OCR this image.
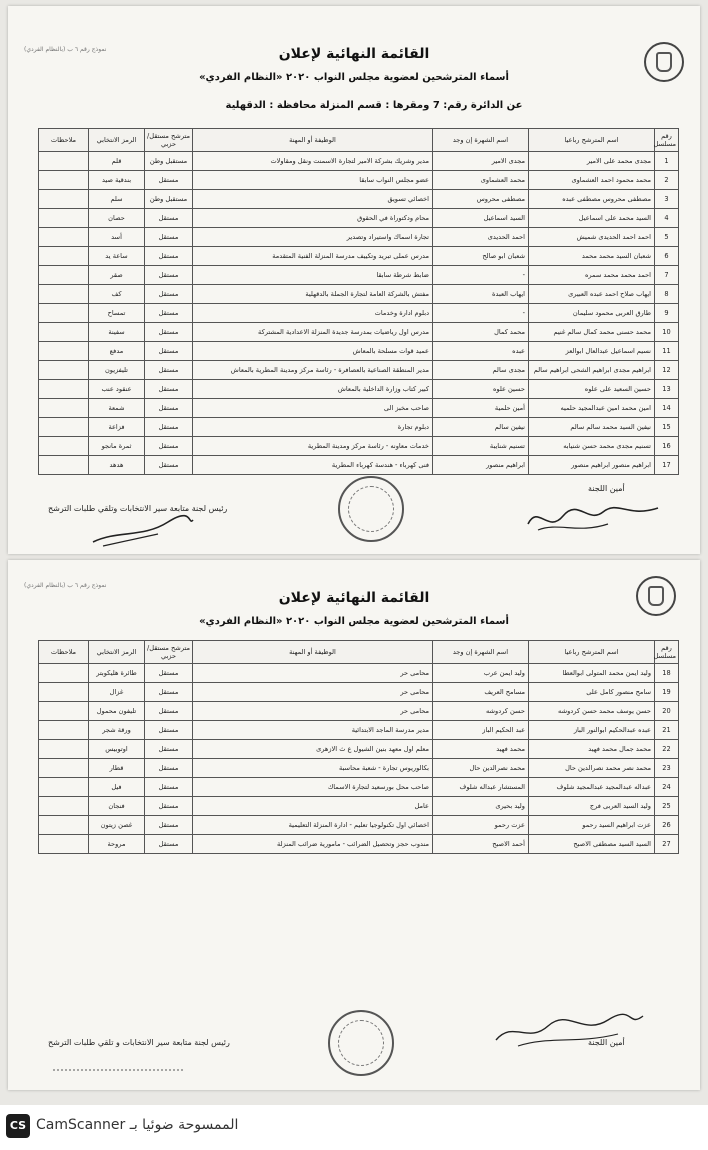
(نموذج رقم ٦ ب (بالنظام الفردي	القائمة النهائية لإعلان
أسماء المترشحين لعضوية مجلس النواب ٢٠٢٠ «النظام الفردي»
عن الدائرة رقم: 7 ومقرها : قسم المنزلة محافظة : الدقهلية
رقم مسلسل	اسم المترشح رباعيا	اسم الشهرة إن وجد	الوظيفة أو المهنة	مترشح مستقل/حزبي	الرمز الانتخابي	ملاحظات
1	مجدى محمد على الامير	مجدى الامير	مدير وشريك بشركة الامير لتجارة الاسمنت ونقل ومقاولات	مستقبل وطن	قلم	
2	محمد محمود احمد العشماوى	محمد العشماوى	عضو مجلس النواب سابقا	مستقل	بندقية صيد	
3	مصطفى محروس مصطفى عبده	مصطفى محروس	اخصائي تسويق	مستقبل وطن	سلم	
4	السيد محمد على اسماعيل	السيد اسماعيل	محام ودكتوراة في الحقوق	مستقل	حصان	
5	احمد احمد الحديدى شميش	احمد الحديدى	تجارة اسماك واستيراد وتصدير	مستقل	أسد	
6	شعبان السيد محمد محمد	شعبان ابو صالح	مدرس عملى تبريد وتكييف مدرسة المنزلة الفنية المتقدمة	مستقل	ساعة يد	
7	احمد محمد محمد سمره	-	ضابط شرطة سابقا	مستقل	صقر	
8	ايهاب صلاح احمد عبده العبيرى	ايهاب العبدة	مفتش بالشركة العامة لتجارة الجملة بالدقهلية	مستقل	كف	
9	طارق العربى محمود سليمان	-	دبلوم ادارة وخدمات	مستقل	تمساح	
10	محمد حسنى محمد كمال سالم غنيم	محمد كمال	مدرس اول رياضيات بمدرسة جديدة المنزلة الاعدادية المشتركة	مستقل	سفينة	
11	نسيم اسماعيل عبدالعال ابوالعز	عبده	عميد قوات مسلحة بالمعاش	مستقل	مدفع	
12	ابراهيم مجدى ابراهيم الشحى ابراهيم سالم	مجدى سالم	مدير المنطقة الصناعية بالعصافرة - رئاسة مركز ومدينة المطرية بالمعاش	مستقل	تليفزيون	
13	حسين السعيد على علوه	حسين علوه	كبير كتاب وزارة الداخلية بالمعاش	مستقل	عنقود عنب	
14	امين محمد امين عبدالمجيد حلميه	أمين حلمية	صاحب مخبز الى	مستقل	شمعة	
15	نيفين السيد محمد سالم سالم	نيفين سالم	دبلوم تجارة	مستقل	فزاعة	
16	تسنيم مجدى محمد حسن شنيابه	تسنيم شنايبة	خدمات معاونه - رئاسة مركز ومدينة المطرية	مستقل	ثمرة مانجو	
17	ابراهيم منصور ابراهيم منصور	ابراهيم منصور	فنى كهرباء - هندسة كهرباء المطرية	مستقل	هدهد	
أمين اللجنة
رئيس لجنة متابعة سير الانتخابات وتلقي طلبات الترشح
(نموذج رقم ٦ ب (بالنظام الفردي
القائمة النهائية لإعلان
أسماء المترشحين لعضوية مجلس النواب ٢٠٢٠ «النظام الفردي»
رقم مسلسل	اسم المترشح رباعيا	اسم الشهرة إن وجد	الوظيفة أو المهنة	مترشح مستقل/حزبي	الرمز الانتخابي	ملاحظات
18	وليد ايمن محمد المتولى ابوالعطا	وليد ايمن عرب	محامى حر	مستقل	طائرة هليكوبتر	
19	سامح منصور كامل على	مسامح العريف	محامى حر	مستقل	غزال	
20	حسن يوسف محمد حسن كردوشه	حسن كردوشه	محامى حر	مستقل	تليفون محمول	
21	عبده عبدالحكيم ابوالنور الباز	عبد الحكيم الباز	مدير مدرسة الماجد الابتدائية	مستقل	ورقة شجر	
22	محمد جمال محمد فهيد	محمد فهيد	معلم اول معهد بنين الشيول ع ث الازهرى	مستقل	اوتوبيس	
23	محمد نصر محمد نصرالدين حال	محمد نصرالدين حال	بكالوريوس تجارة - شعبة محاسبة	مستقل	قطار	
24	عبداله عبدالمجيد عبدالمجيد شلوف	المستشار عبداله شلوف	صاحب محل بورسعيد لتجارة الاسماك	مستقل	فيل	
25	وليد السيد العربى فرج	وليد بحيرى	عامل	مستقل	فنجان	
26	عزت ابراهيم السيد رحمو	عزت رحمو	اخصائي اول تكنولوجيا تعليم - ادارة المنزلة التعليمية	مستقل	غصن زيتون	
27	السيد السيد مصطفى الاصبح	أحمد الاصبح	مندوب حجز وتحصيل الضرائب - مامورية ضرائب المنزلة	مستقل	مروحة	
أمين اللجنة
رئيس لجنة متابعة سير الانتخابات و تلقي طلبات الترشح
CS الممسوحة ضوئيا بـ CamScanner
